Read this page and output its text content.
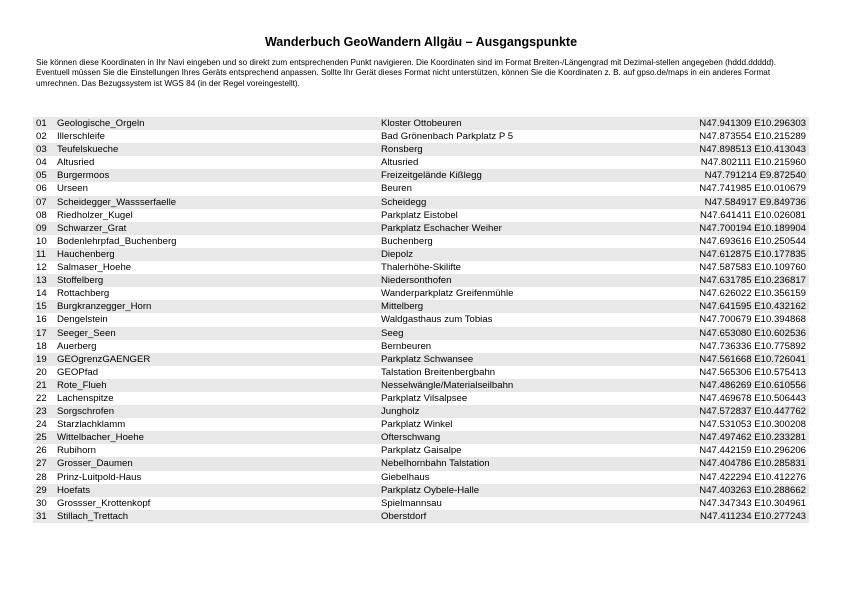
Wanderbuch GeoWandern Allgäu – Ausgangspunkte

Sie können diese Koordinaten in Ihr Navi eingeben und so direkt zum entsprechenden Punkt navigieren. Die Koordinaten sind im Format Breiten-/Längengrad mit Dezimal-stellen angegeben (hddd.ddddd).

Eventuell müssen Sie die Einstellungen Ihres Geräts entsprechend anpassen. Sollte Ihr Gerät dieses Format nicht unterstützen, können Sie die Koordinaten z. B. auf gpso.de/maps in ein anderes Format umrechnen. Das Bezugssystem ist WGS 84 (in der Regel voreingestellt).

01 Geologische_Orgeln	Kloster Ottobeuren	N47.941309 E10.296303
02 Illerschleife	Bad Grönenbach Parkplatz P 5	N47.873554 E10.215289
03 Teufelskueche	Ronsberg	N47.898513 E10.413043
04 Altusried	Altusried	N47.802111 E10.215960
05 Burgermoos	Freizeitgelände Kißlegg	N47.791214 E9.872540
06 Urseen	Beuren	N47.741985 E10.010679
07 Scheidegger_Wassserfaelle	Scheidegg	N47.584917 E9.849736
08 Riedholzer_Kugel	Parkplatz Eistobel	N47.641411 E10.026081
09 Schwarzer_Grat	Parkplatz Eschacher Weiher	N47.700194 E10.189904
10 Bodenlehrpfad_Buchenberg	Buchenberg	N47.693616 E10.250544
11 Hauchenberg	Diepolz	N47.612875 E10.177835
12 Salmaser_Hoehe	Thalerhöhe-Skilifte	N47.587583 E10.109760
13 Stoffelberg	Niedersonthofen	N47.631785 E10.236817
14 Rottachberg	Wanderparkplatz Greifenmühle	N47.626022 E10.356159
15 Burgkranzegger_Horn	Mittelberg	N47.641595 E10.432162
16 Dengelstein	Waldgasthaus zum Tobias	N47.700679 E10.394868
17 Seeger_Seen	Seeg	N47.653080 E10.602536
18 Auerberg	Bernbeuren	N47.736336 E10.775892
19 GEOgrenzGAENGER	Parkplatz Schwansee	N47.561668 E10.726041
20 GEOPfad	Talstation Breitenbergbahn	N47.565306 E10.575413
21 Rote_Flueh	Nesselwängle/Materialseilbahn	N47.486269 E10.610556
22 Lachenspitze	Parkplatz Vilsalpsee	N47.469678 E10.506443
23 Sorgschrofen	Jungholz	N47.572837 E10.447762
24 Starzlachklamm	Parkplatz Winkel	N47.531053 E10.300208
25 Wittelbacher_Hoehe	Ofterschwang	N47.497462 E10.233281
26 Rubihorn	Parkplatz Gaisalpe	N47.442159 E10.296206
27 Grosser_Daumen	Nebelhornbahn Talstation	N47.404786 E10.285831
28 Prinz-Luitpold-Haus	Giebelhaus	N47.422294 E10.412276
29 Hoefats	Parkplatz Oybele-Halle	N47.403263 E10.288662
30 Grossser_Krottenkopf	Spielmannsau	N47.347343 E10.304961
31 Stillach_Trettach	Oberstdorf	N47.411234 E10.277243
